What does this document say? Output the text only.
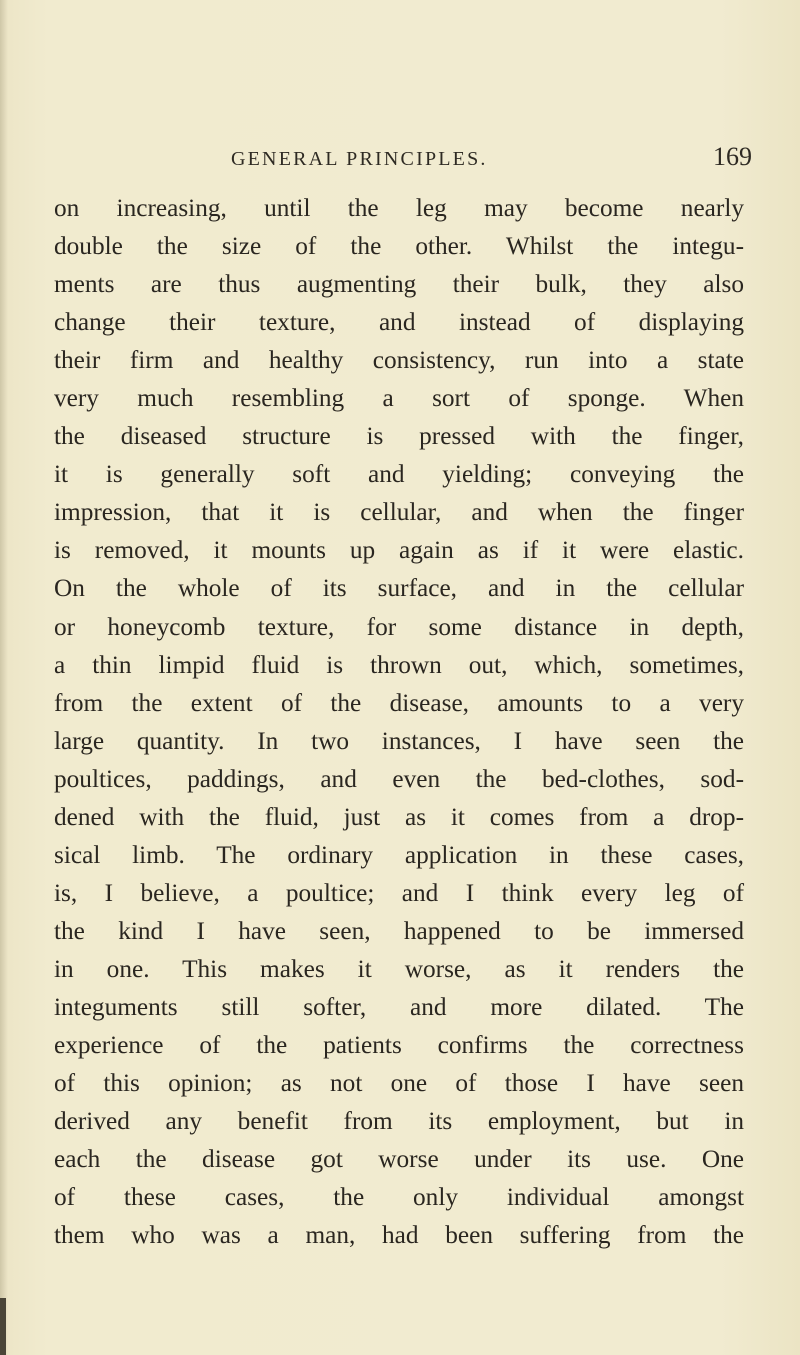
GENERAL PRINCIPLES.	169
on increasing, until the leg may become nearly
double the size of the other. Whilst the integu-
ments are thus augmenting their bulk, they also
change their texture, and instead of displaying
their firm and healthy consistency, run into a state
very much resembling a sort of sponge. When
the diseased structure is pressed with the finger,
it is generally soft and yielding; conveying the
impression, that it is cellular, and when the finger
is removed, it mounts up again as if it were elastic.
On the whole of its surface, and in the cellular
or honeycomb texture, for some distance in depth,
a thin limpid fluid is thrown out, which, sometimes,
from the extent of the disease, amounts to a very
large quantity. In two instances, I have seen the
poultices, paddings, and even the bed-clothes, sod-
dened with the fluid, just as it comes from a drop-
sical limb. The ordinary application in these cases,
is, I believe, a poultice; and I think every leg of
the kind I have seen, happened to be immersed
in one. This makes it worse, as it renders the
integuments still softer, and more dilated. The
experience of the patients confirms the correctness
of this opinion; as not one of those I have seen
derived any benefit from its employment, but in
each the disease got worse under its use. One
of these cases, the only individual amongst
them who was a man, had been suffering from the
